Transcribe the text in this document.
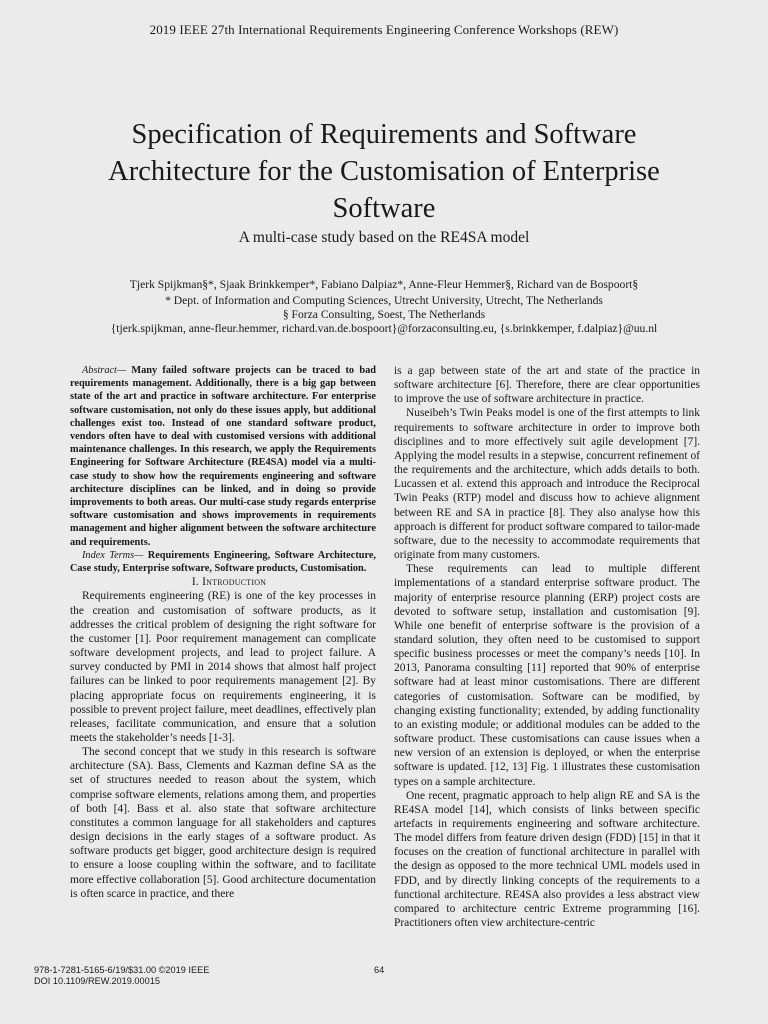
2019 IEEE 27th International Requirements Engineering Conference Workshops (REW)
Specification of Requirements and Software Architecture for the Customisation of Enterprise Software
A multi-case study based on the RE4SA model
Tjerk Spijkman§*, Sjaak Brinkkemper*, Fabiano Dalpiaz*, Anne-Fleur Hemmer§, Richard van de Bospoort§
* Dept. of Information and Computing Sciences, Utrecht University, Utrecht, The Netherlands
§ Forza Consulting, Soest, The Netherlands
{tjerk.spijkman, anne-fleur.hemmer, richard.van.de.bospoort}@forzaconsulting.eu, {s.brinkkemper, f.dalpiaz}@uu.nl

Abstract— Many failed software projects can be traced to bad requirements management. Additionally, there is a big gap between state of the art and practice in software architecture. For enterprise software customisation, not only do these issues apply, but additional challenges exist too. Instead of one standard software product, vendors often have to deal with customised versions with additional maintenance challenges. In this research, we apply the Requirements Engineering for Software Architecture (RE4SA) model via a multi-case study to show how the requirements engineering and software architecture disciplines can be linked, and in doing so provide improvements to both areas. Our multi-case study regards enterprise software customisation and shows improvements in requirements management and higher alignment between the software architecture and requirements.

Index Terms— Requirements Engineering, Software Architecture, Case study, Enterprise software, Software products, Customisation.

I. Introduction

Requirements engineering (RE) is one of the key processes in the creation and customisation of software products, as it addresses the critical problem of designing the right software for the customer [1]. Poor requirement management can complicate software development projects, and lead to project failure. A survey conducted by PMI in 2014 shows that almost half project failures can be linked to poor requirements management [2]. By placing appropriate focus on requirements engineering, it is possible to prevent project failure, meet deadlines, effectively plan releases, facilitate communication, and ensure that a solution meets the stakeholder’s needs [1-3].

The second concept that we study in this research is software architecture (SA). Bass, Clements and Kazman define SA as the set of structures needed to reason about the system, which comprise software elements, relations among them, and properties of both [4]. Bass et al. also state that software architecture constitutes a common language for all stakeholders and captures design decisions in the early stages of a software product. As software products get bigger, good architecture design is required to ensure a loose coupling within the software, and to facilitate more effective collaboration [5]. Good architecture documentation is often scarce in practice, and there

is a gap between state of the art and state of the practice in software architecture [6]. Therefore, there are clear opportunities to improve the use of software architecture in practice.

Nuseibeh’s Twin Peaks model is one of the first attempts to link requirements to software architecture in order to improve both disciplines and to more effectively suit agile development [7]. Applying the model results in a stepwise, concurrent refinement of the requirements and the architecture, which adds details to both. Lucassen et al. extend this approach and introduce the Reciprocal Twin Peaks (RTP) model and discuss how to achieve alignment between RE and SA in practice [8]. They also analyse how this approach is different for product software compared to tailor-made software, due to the necessity to accommodate requirements that originate from many customers.

These requirements can lead to multiple different implementations of a standard enterprise software product. The majority of enterprise resource planning (ERP) project costs are devoted to software setup, installation and customisation [9]. While one benefit of enterprise software is the provision of a standard solution, they often need to be customised to support specific business processes or meet the company’s needs [10]. In 2013, Panorama consulting [11] reported that 90% of enterprise software had at least minor customisations. There are different categories of customisation. Software can be modified, by changing existing functionality; extended, by adding functionality to an existing module; or additional modules can be added to the software product. These customisations can cause issues when a new version of an extension is deployed, or when the enterprise software is updated. [12, 13] Fig. 1 illustrates these customisation types on a sample architecture.

One recent, pragmatic approach to help align RE and SA is the RE4SA model [14], which consists of links between specific artefacts in requirements engineering and software architecture. The model differs from feature driven design (FDD) [15] in that it focuses on the creation of functional architecture in parallel with the design as opposed to the more technical UML models used in FDD, and by directly linking concepts of the requirements to a functional architecture. RE4SA also provides a less abstract view compared to architecture centric Extreme programming [16]. Practitioners often view architecture-centric

978-1-7281-5165-6/19/$31.00 ©2019 IEEE
DOI 10.1109/REW.2019.00015
64
